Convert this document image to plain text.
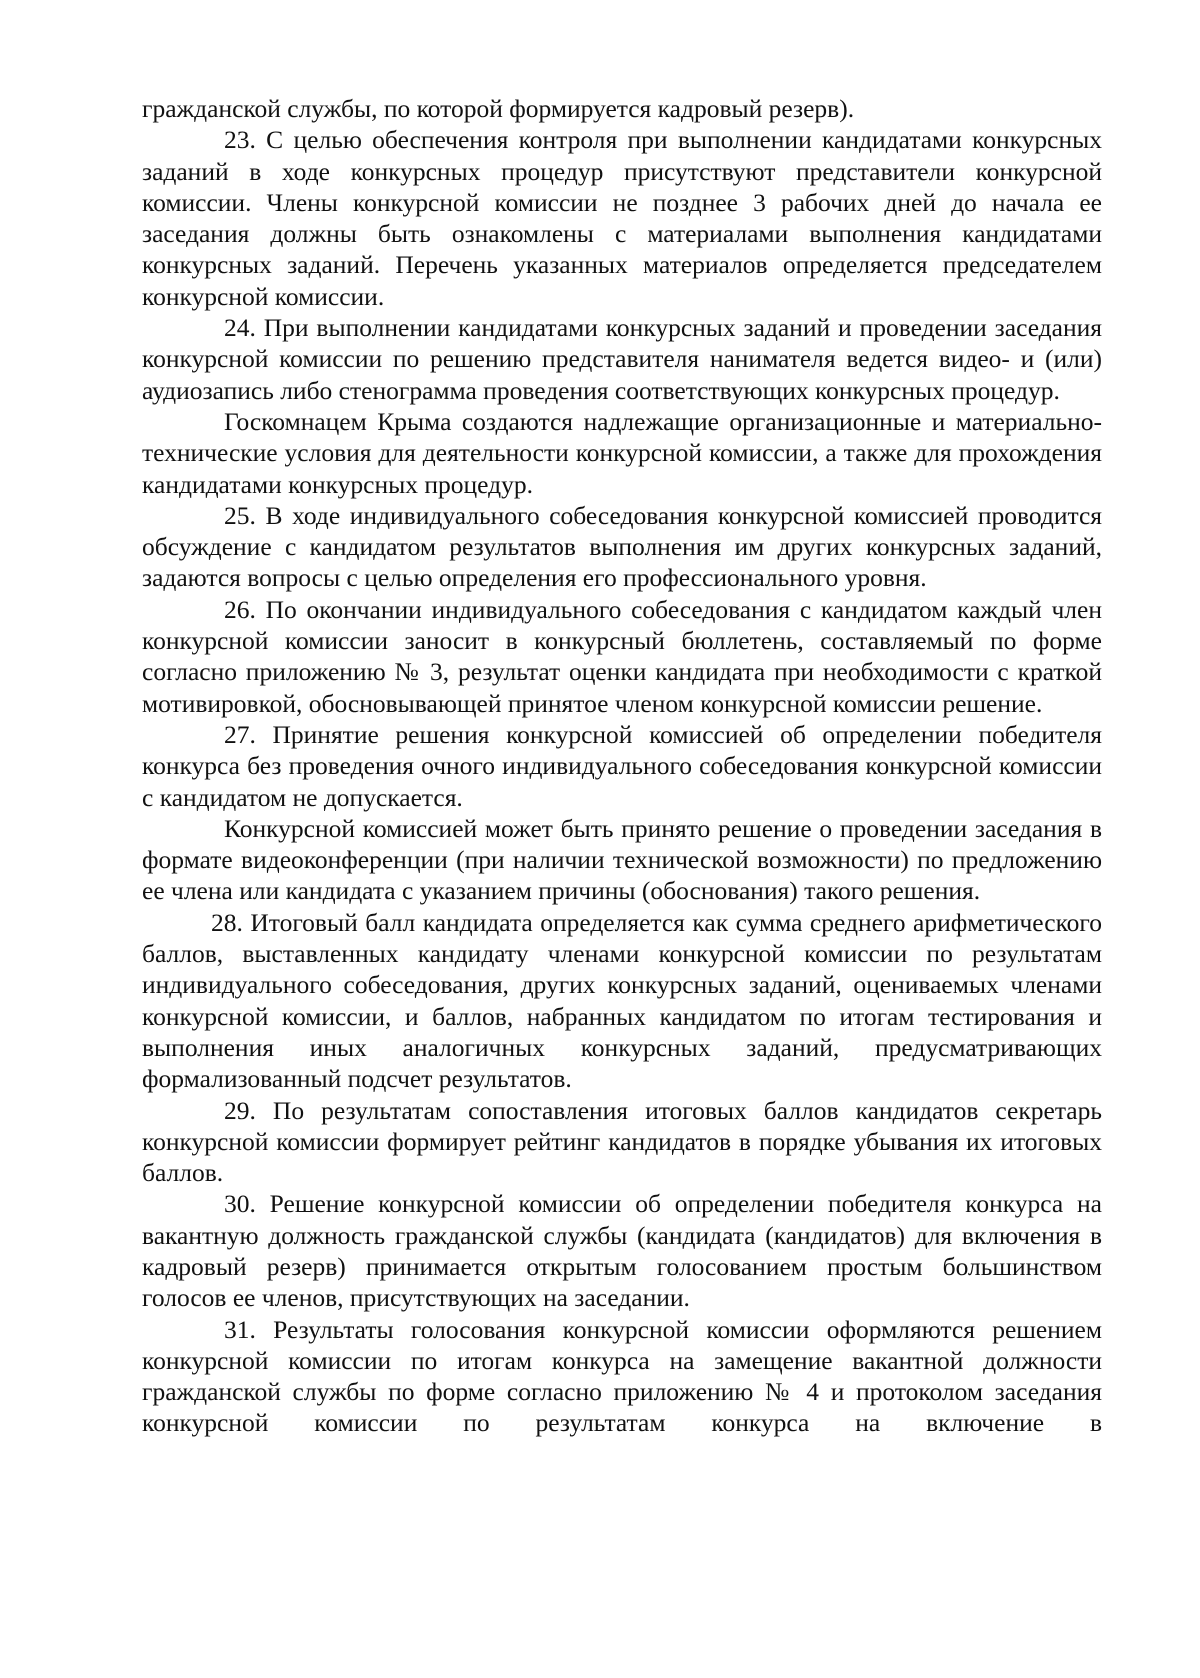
гражданской службы, по которой формируется кадровый резерв).

23. С целью обеспечения контроля при выполнении кандидатами конкурсных заданий в ходе конкурсных процедур присутствуют представители конкурсной комиссии. Члены конкурсной комиссии не позднее 3 рабочих дней до начала ее заседания должны быть ознакомлены с материалами выполнения кандидатами конкурсных заданий. Перечень указанных материалов определяется председателем конкурсной комиссии.

24. При выполнении кандидатами конкурсных заданий и проведении заседания конкурсной комиссии по решению представителя нанимателя ведется видео- и (или) аудиозапись либо стенограмма проведения соответствующих конкурсных процедур.

Госкомнацем Крыма создаются надлежащие организационные и материально-технические условия для деятельности конкурсной комиссии, а также для прохождения кандидатами конкурсных процедур.

25. В ходе индивидуального собеседования конкурсной комиссией проводится обсуждение с кандидатом результатов выполнения им других конкурсных заданий, задаются вопросы с целью определения его профессионального уровня.

26. По окончании индивидуального собеседования с кандидатом каждый член конкурсной комиссии заносит в конкурсный бюллетень, составляемый по форме согласно приложению № 3, результат оценки кандидата при необходимости с краткой мотивировкой, обосновывающей принятое членом конкурсной комиссии решение.

27. Принятие решения конкурсной комиссией об определении победителя конкурса без проведения очного индивидуального собеседования конкурсной комиссии с кандидатом не допускается.

Конкурсной комиссией может быть принято решение о проведении заседания в формате видеоконференции (при наличии технической возможности) по предложению ее члена или кандидата с указанием причины (обоснования) такого решения.

28. Итоговый балл кандидата определяется как сумма среднего арифметического баллов, выставленных кандидату членами конкурсной комиссии по результатам индивидуального собеседования, других конкурсных заданий, оцениваемых членами конкурсной комиссии, и баллов, набранных кандидатом по итогам тестирования и выполнения иных аналогичных конкурсных заданий, предусматривающих формализованный подсчет результатов.

29. По результатам сопоставления итоговых баллов кандидатов секретарь конкурсной комиссии формирует рейтинг кандидатов в порядке убывания их итоговых баллов.

30. Решение конкурсной комиссии об определении победителя конкурса на вакантную должность гражданской службы (кандидата (кандидатов) для включения в кадровый резерв) принимается открытым голосованием простым большинством голосов ее членов, присутствующих на заседании.

31. Результаты голосования конкурсной комиссии оформляются решением конкурсной комиссии по итогам конкурса на замещение вакантной должности гражданской службы по форме согласно приложению № 4 и протоколом заседания конкурсной комиссии по результатам конкурса на включение в
